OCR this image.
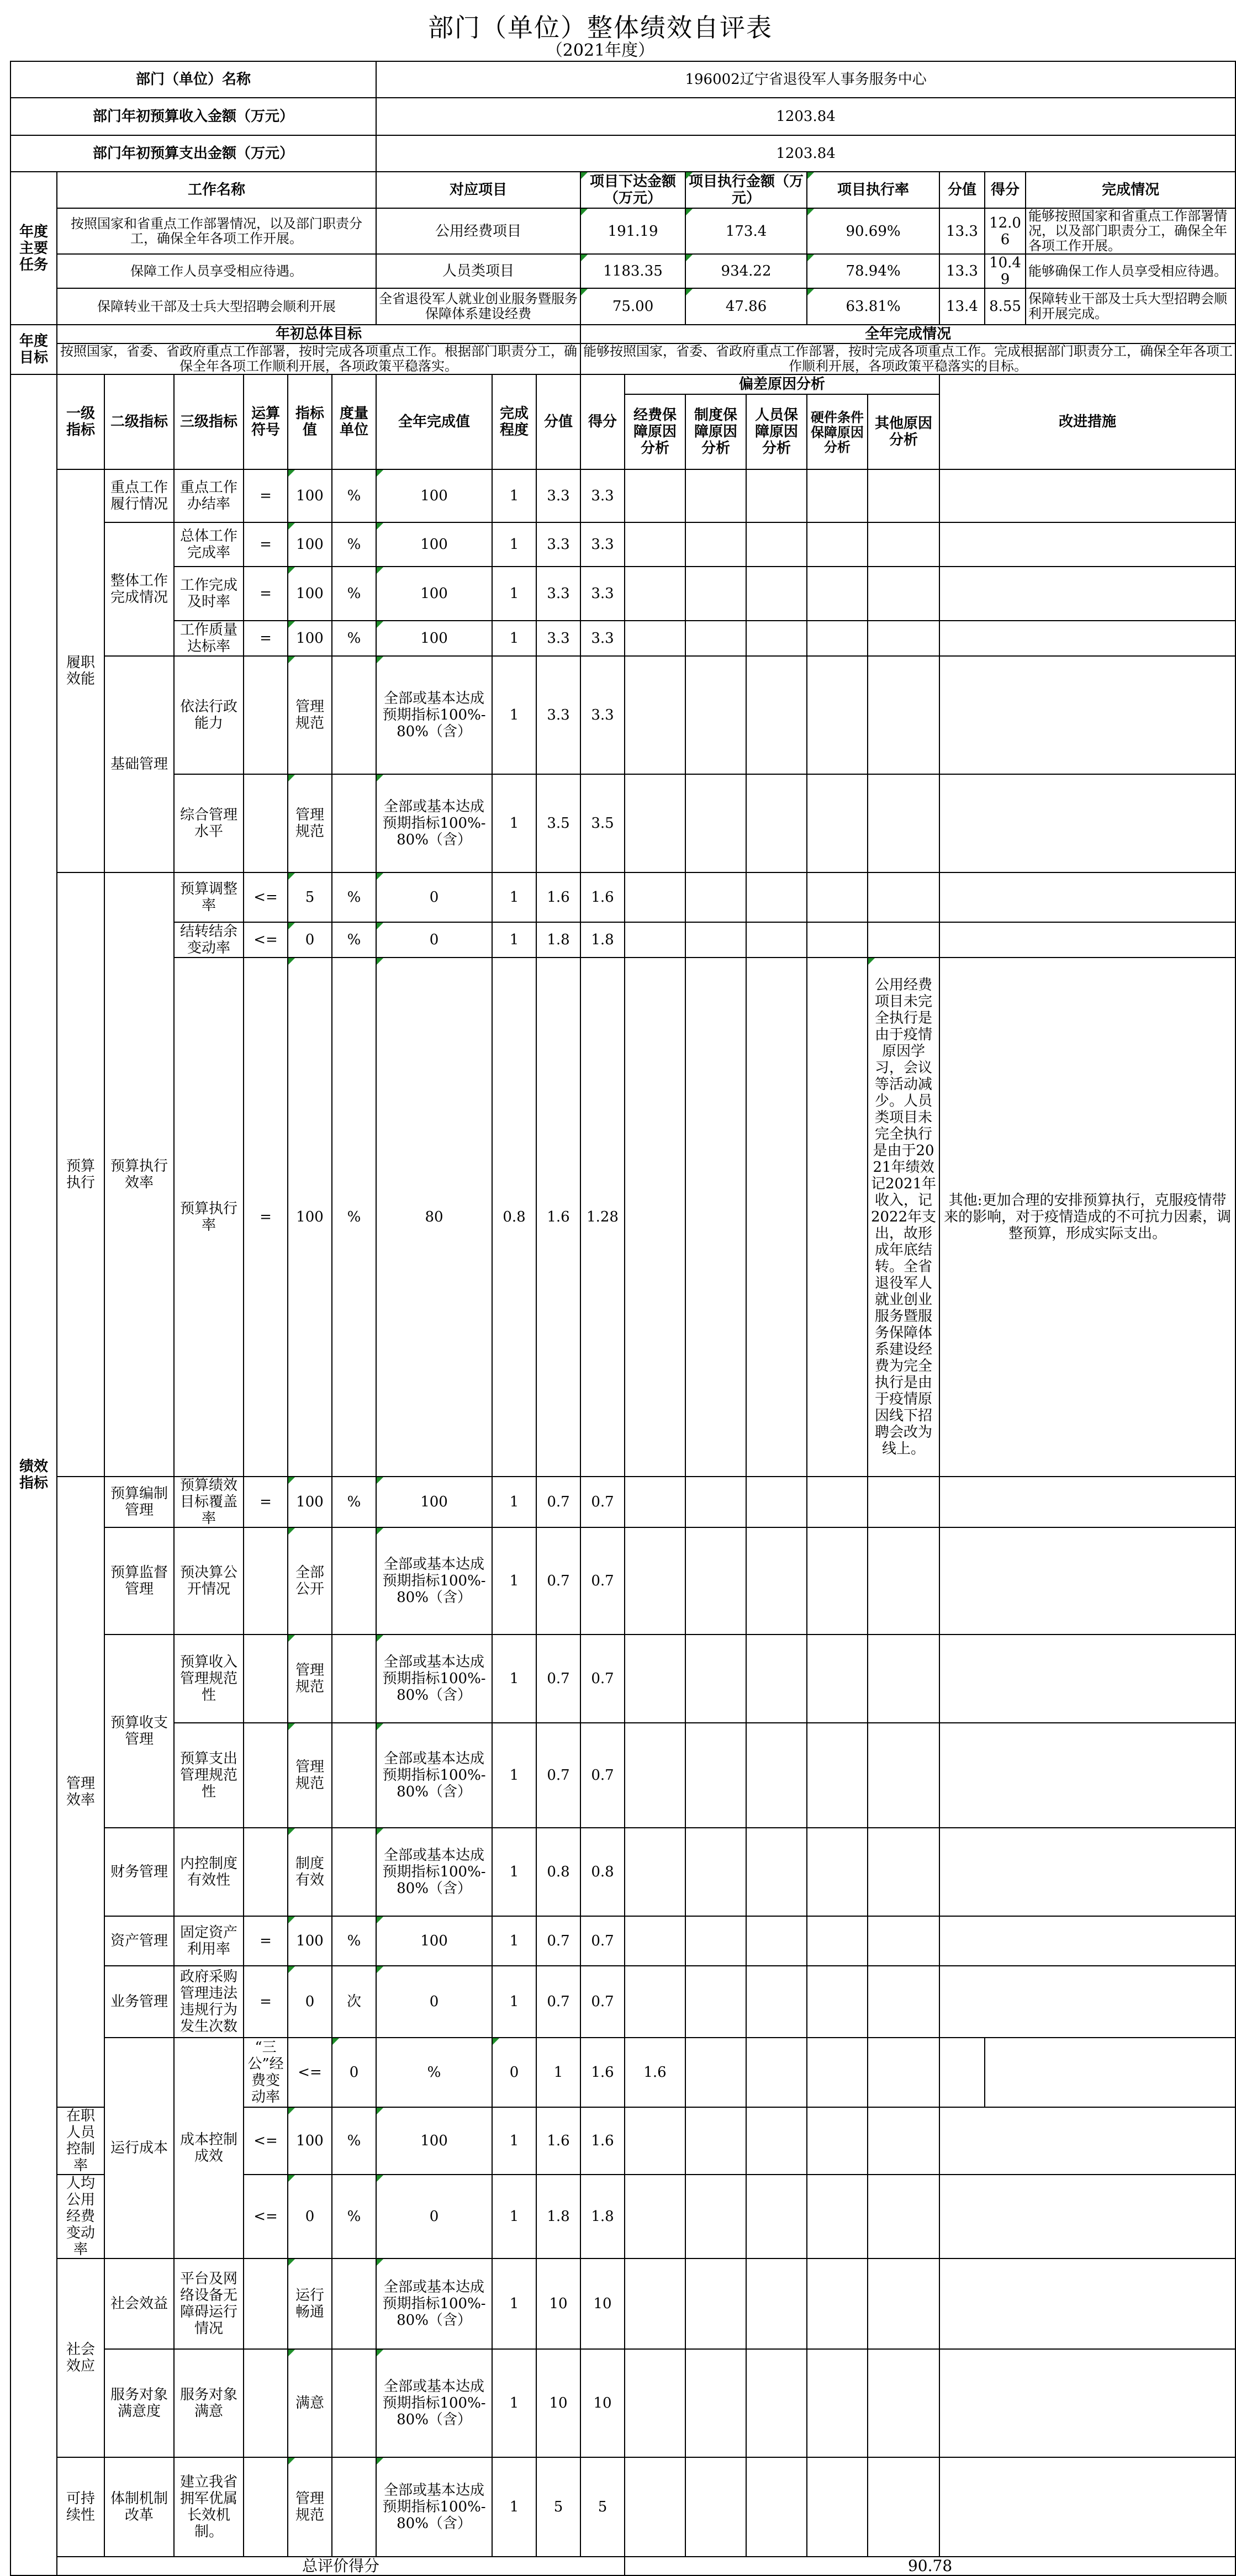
部门（单位）整体绩效自评表
（2021年度）
部门（单位）名称							196002辽宁省退役军人事务服务中心											
部门年初预算收入金额（万元）							1203.84											
部门年初预算支出金额（万元）							1203.84											
年度主要任务	工作名称						对应项目			项目下达金额（万元）		项目执行金额（万元）		项目执行率		分值	得分	完成情况
	按照国家和省重点工作部署情况，以及部门职责分工，确保全年各项工作开展。						公用经费项目			191.19		173.4		90.69%		13.3	12.06	能够按照国家和省重点工作部署情况，以及部门职责分工，确保全年各项工作开展。
	保障工作人员享受相应待遇。						人员类项目			1183.35		934.22		78.94%		13.3	10.49	能够确保工作人员享受相应待遇。
	保障转业干部及士兵大型招聘会顺利开展						全省退役军人就业创业服务暨服务保障体系建设经费			75.00		47.86		63.81%		13.4	8.55	保障转业干部及士兵大型招聘会顺利开展完成。
年度目标	年初总体目标									全年完成情况								
	按照国家，省委、省政府重点工作部署，按时完成各项重点工作。根据部门职责分工，确保全年各项工作顺利开展，各项政策平稳落实。									能够按照国家，省委、省政府重点工作部署，按时完成各项重点工作。完成根据部门职责分工，确保全年各项工作顺利开展，各项政策平稳落实的目标。								
绩效指标	一级指标	二级指标	三级指标	运算符号	指标值	度量单位	全年完成值	完成程度	分值	得分	偏差原因分析					改进措施		
											经费保障原因分析	制度保障原因分析	人员保障原因分析	硬件条件保障原因分析	其他原因分析			
	履职效能	重点工作履行情况	重点工作办结率	=	100	%	100	1	3.3	3.3								
		整体工作完成情况	总体工作完成率	=	100	%	100	1	3.3	3.3								
			工作完成及时率	=	100	%	100	1	3.3	3.3								
			工作质量达标率	=	100	%	100	1	3.3	3.3								
		基础管理	依法行政能力		管理规范		全部或基本达成预期指标100%-80%（含）	1	3.3	3.3								
			综合管理水平		管理规范		全部或基本达成预期指标100%-80%（含）	1	3.5	3.5								
	预算执行	预算执行效率	预算调整率	<=	5	%	0	1	1.6	1.6								
			结转结余变动率	<=	0	%	0	1	1.8	1.8								
			预算执行率	=	100	%	80	0.8	1.6	1.28					公用经费项目未完全执行是由于疫情原因学习，会议等活动减少。人员类项目未完全执行是由于2021年绩效记2021年收入，记2022年支出，故形成年底结转。全省退役军人就业创业服务暨服务保障体系建设经费为完全执行是由于疫情原因线下招聘会改为线上。	其他:更加合理的安排预算执行，克服疫情带来的影响，对于疫情造成的不可抗力因素，调整预算，形成实际支出。		
	管理效率	预算编制管理	预算绩效目标覆盖率	=	100	%	100	1	0.7	0.7								
		预算监督管理	预决算公开情况		全部公开		全部或基本达成预期指标100%-80%（含）	1	0.7	0.7								
		预算收支管理	预算收入管理规范性		管理规范		全部或基本达成预期指标100%-80%（含）	1	0.7	0.7								
			预算支出管理规范性		管理规范		全部或基本达成预期指标100%-80%（含）	1	0.7	0.7								
		财务管理	内控制度有效性		制度有效		全部或基本达成预期指标100%-80%（含）	1	0.8	0.8								
		资产管理	固定资产利用率	=	100	%	100	1	0.7	0.7								
		业务管理	政府采购管理违法违规行为发生次数	=	0	次	0	1	0.7	0.7								
		运行成本	成本控制成效	“三公”经费变动率	<=	0	%	0	1	1.6	1.6							
	在职人员控制率			<=	100	%	100	1	1.6	1.6								
	人均公用经费变动率			<=	0	%	0	1	1.8	1.8								
	社会效应	社会效益	平台及网络设备无障碍运行情况		运行畅通		全部或基本达成预期指标100%-80%（含）	1	10	10								
		服务对象满意度	服务对象满意		满意		全部或基本达成预期指标100%-80%（含）	1	10	10								
	可持续性	体制机制改革	建立我省拥军优属长效机制。		管理规范		全部或基本达成预期指标100%-80%（含）	1	5	5								
	总评价得分										90.78							
